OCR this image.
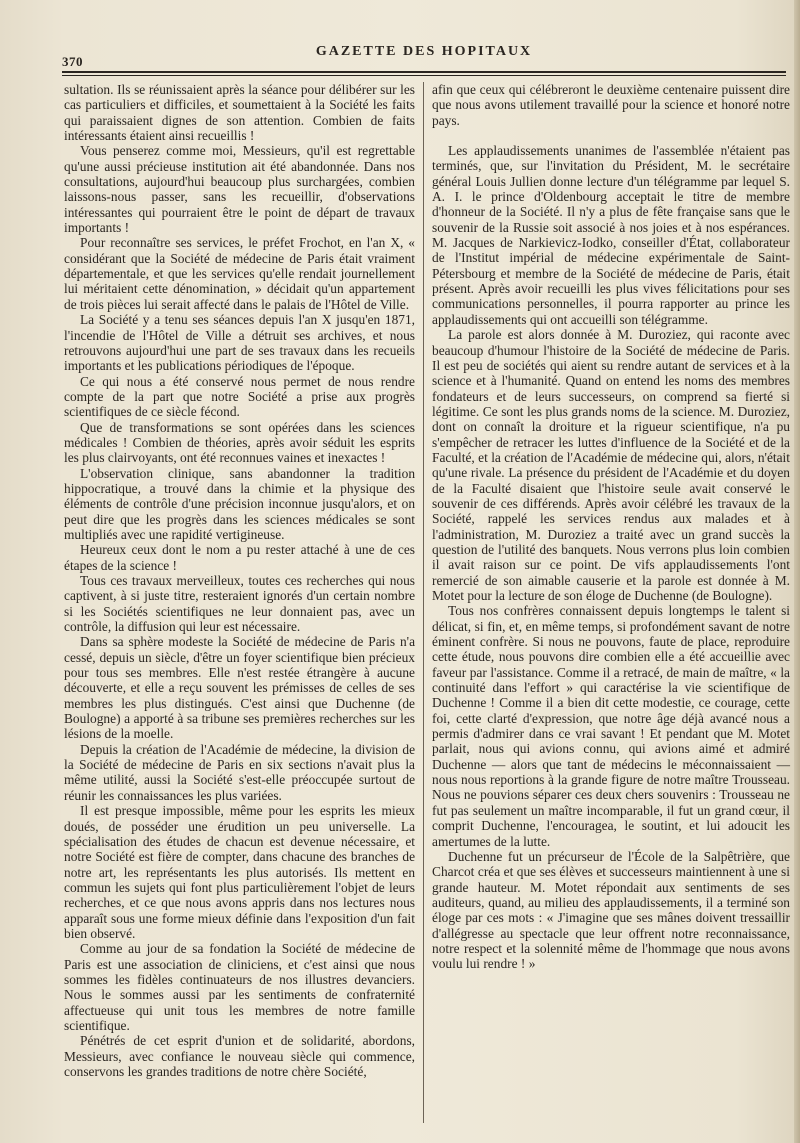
370
GAZETTE DES HOPITAUX

sultation. Ils se réunissaient après la séance pour délibérer sur les cas particuliers et difficiles, et soumettaient à la Société les faits qui paraissaient dignes de son attention. Combien de faits intéressants étaient ainsi recueillis !

Vous penserez comme moi, Messieurs, qu'il est regrettable qu'une aussi précieuse institution ait été abandonnée. Dans nos consultations, aujourd'hui beaucoup plus surchargées, combien laissons-nous passer, sans les recueillir, d'observations intéressantes qui pourraient être le point de départ de travaux importants !

Pour reconnaître ses services, le préfet Frochot, en l'an X, « considérant que la Société de médecine de Paris était vraiment départementale, et que les services qu'elle rendait journellement lui méritaient cette dénomination, » décidait qu'un appartement de trois pièces lui serait affecté dans le palais de l'Hôtel de Ville.

La Société y a tenu ses séances depuis l'an X jusqu'en 1871, l'incendie de l'Hôtel de Ville a détruit ses archives, et nous retrouvons aujourd'hui une part de ses travaux dans les recueils importants et les publications périodiques de l'époque.

Ce qui nous a été conservé nous permet de nous rendre compte de la part que notre Société a prise aux progrès scientifiques de ce siècle fécond.

Que de transformations se sont opérées dans les sciences médicales ! Combien de théories, après avoir séduit les esprits les plus clairvoyants, ont été reconnues vaines et inexactes !

L'observation clinique, sans abandonner la tradition hippocratique, a trouvé dans la chimie et la physique des éléments de contrôle d'une précision inconnue jusqu'alors, et on peut dire que les progrès dans les sciences médicales se sont multipliés avec une rapidité vertigineuse.

Heureux ceux dont le nom a pu rester attaché à une de ces étapes de la science !

Tous ces travaux merveilleux, toutes ces recherches qui nous captivent, à si juste titre, resteraient ignorés d'un certain nombre si les Sociétés scientifiques ne leur donnaient pas, avec un contrôle, la diffusion qui leur est nécessaire.

Dans sa sphère modeste la Société de médecine de Paris n'a cessé, depuis un siècle, d'être un foyer scientifique bien précieux pour tous ses membres. Elle n'est restée étrangère à aucune découverte, et elle a reçu souvent les prémisses de celles de ses membres les plus distingués. C'est ainsi que Duchenne (de Boulogne) a apporté à sa tribune ses premières recherches sur les lésions de la moelle.

Depuis la création de l'Académie de médecine, la division de la Société de médecine de Paris en six sections n'avait plus la même utilité, aussi la Société s'est-elle préoccupée surtout de réunir les connaissances les plus variées.

Il est presque impossible, même pour les esprits les mieux doués, de posséder une érudition un peu universelle. La spécialisation des études de chacun est devenue nécessaire, et notre Société est fière de compter, dans chacune des branches de notre art, les représentants les plus autorisés. Ils mettent en commun les sujets qui font plus particulièrement l'objet de leurs recherches, et ce que nous avons appris dans nos lectures nous apparaît sous une forme mieux définie dans l'exposition d'un fait bien observé.

Comme au jour de sa fondation la Société de médecine de Paris est une association de cliniciens, et c'est ainsi que nous sommes les fidèles continuateurs de nos illustres devanciers. Nous le sommes aussi par les sentiments de confraternité affectueuse qui unit tous les membres de notre famille scientifique.

Pénétrés de cet esprit d'union et de solidarité, abordons, Messieurs, avec confiance le nouveau siècle qui commence, conservons les grandes traditions de notre chère Société,

afin que ceux qui célébreront le deuxième centenaire puissent dire que nous avons utilement travaillé pour la science et honoré notre pays.

Les applaudissements unanimes de l'assemblée n'étaient pas terminés, que, sur l'invitation du Président, M. le secrétaire général Louis Jullien donne lecture d'un télégramme par lequel S. A. I. le prince d'Oldenbourg acceptait le titre de membre d'honneur de la Société. Il n'y a plus de fête française sans que le souvenir de la Russie soit associé à nos joies et à nos espérances. M. Jacques de Narkievicz-Iodko, conseiller d'État, collaborateur de l'Institut impérial de médecine expérimentale de Saint-Pétersbourg et membre de la Société de médecine de Paris, était présent. Après avoir recueilli les plus vives félicitations pour ses communications personnelles, il pourra rapporter au prince les applaudissements qui ont accueilli son télégramme.

La parole est alors donnée à M. Duroziez, qui raconte avec beaucoup d'humour l'histoire de la Société de médecine de Paris. Il est peu de sociétés qui aient su rendre autant de services et à la science et à l'humanité. Quand on entend les noms des membres fondateurs et de leurs successeurs, on comprend sa fierté si légitime. Ce sont les plus grands noms de la science. M. Duroziez, dont on connaît la droiture et la rigueur scientifique, n'a pu s'empêcher de retracer les luttes d'influence de la Société et de la Faculté, et la création de l'Académie de médecine qui, alors, n'était qu'une rivale. La présence du président de l'Académie et du doyen de la Faculté disaient que l'histoire seule avait conservé le souvenir de ces différends. Après avoir célébré les travaux de la Société, rappelé les services rendus aux malades et à l'administration, M. Duroziez a traité avec un grand succès la question de l'utilité des banquets. Nous verrons plus loin combien il avait raison sur ce point. De vifs applaudissements l'ont remercié de son aimable causerie et la parole est donnée à M. Motet pour la lecture de son éloge de Duchenne (de Boulogne).

Tous nos confrères connaissent depuis longtemps le talent si délicat, si fin, et, en même temps, si profondément savant de notre éminent confrère. Si nous ne pouvons, faute de place, reproduire cette étude, nous pouvons dire combien elle a été accueillie avec faveur par l'assistance. Comme il a retracé, de main de maître, « la continuité dans l'effort » qui caractérise la vie scientifique de Duchenne ! Comme il a bien dit cette modestie, ce courage, cette foi, cette clarté d'expression, que notre âge déjà avancé nous a permis d'admirer dans ce vrai savant ! Et pendant que M. Motet parlait, nous qui avions connu, qui avions aimé et admiré Duchenne — alors que tant de médecins le méconnaissaient — nous nous reportions à la grande figure de notre maître Trousseau. Nous ne pouvions séparer ces deux chers souvenirs : Trousseau ne fut pas seulement un maître incomparable, il fut un grand cœur, il comprit Duchenne, l'encouragea, le soutint, et lui adoucit les amertumes de la lutte.

Duchenne fut un précurseur de l'École de la Salpêtrière, que Charcot créa et que ses élèves et successeurs maintiennent à une si grande hauteur. M. Motet répondait aux sentiments de ses auditeurs, quand, au milieu des applaudissements, il a terminé son éloge par ces mots : « J'imagine que ses mânes doivent tressaillir d'allégresse au spectacle que leur offrent notre reconnaissance, notre respect et la solennité même de l'hommage que nous avons voulu lui rendre ! »
